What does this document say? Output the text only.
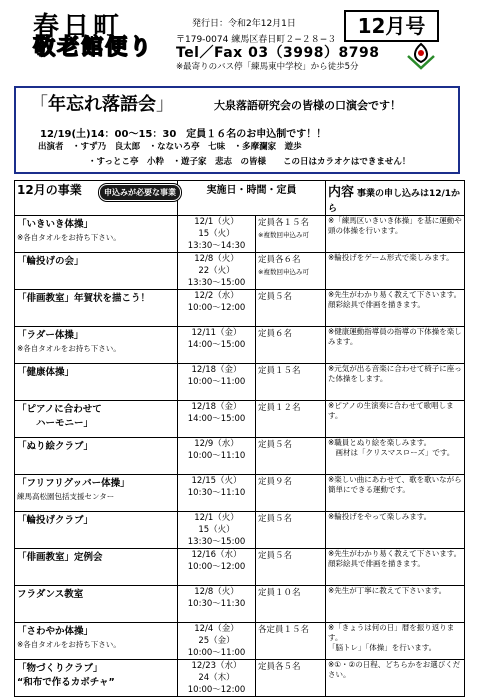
春日町
敬老館便り
発行日：令和2年12月1日
〒179-0074 練馬区春日町２−２８−３
Tel／Fax 03（3998）8798
※最寄りのバス停「練馬東中学校」から徒歩5分
12月号
「年忘れ落語会」	大泉落語研究会の皆様の口演会です！
12/19(土)14：00〜15：30　定員１６名のお申込制です！！
出演者　・すず乃　良太郎　・なないろ亭　七味　・多摩瀾家　遊歩
・すっとこ亭　小粋　・遊子家　悲志　の皆様　　この日はカラオケはできません！
12月の事業 申込みが必要な事業	実施日・時間・定員		内容 事業の申し込みは12/1から
「いきいき体操」
※各自タオルをお持ち下さい。	12/1（火）
15（火）
13:30〜14:30	定員各１５名
※複数回申込み可	※「練馬区いきいき体操」を基に運動や頭の体操を行います。
「輪投げの会」	12/8（火）
22（火）
13:30〜15:00	定員各６名
※複数回申込み可	※輪投げをゲーム形式で楽しみます。
「俳画教室」年賀状を描こう！	12/2（水）
10:00〜12:00	定員５名	※先生がわかり易く教えて下さいます。顔彩絵具で俳画を描きます。
「ラダー体操」
※各自タオルをお持ち下さい。	12/11（金）
14:00〜15:00	定員６名	※健康運動指導員の指導の下体操を楽しみます。
「健康体操」	12/18（金）
10:00〜11:00	定員１５名	※元気が出る音楽に合わせて椅子に座った体操をします。
「ピアノに合わせて
　　ハーモニー」	12/18（金）
14:00〜15:00	定員１２名	※ピアノの生演奏に合わせて歌唱します。
「ぬり絵クラブ」	12/9（水）
10:00〜11:10	定員５名	※職員とぬり絵を楽しみます。
　画材は「クリスマスローズ」です。
「フリフリグッパー体操」
練馬高松園包括支援センター	12/15（火）
10:30〜11:10	定員９名	※楽しい曲にあわせて、歌を歌いながら簡単にできる運動です。
「輪投げクラブ」	12/1（火）
15（火）
13:30〜15:00	定員５名	※輪投げをやって楽しみます。
「俳画教室」定例会	12/16（水）
10:00〜12:00	定員５名	※先生がわかり易く教えて下さいます。顔彩絵具で俳画を描きます。
フラダンス教室	12/8（火）
10:30〜11:30	定員１０名	※先生が丁寧に教えて下さいます。
「さわやか体操」
※各自タオルをお持ち下さい。	12/4（金）
25（金）
10:00〜11:00	各定員１５名	※「きょうは何の日」暦を振り返ります。
「脳トレ」「体操」を行います。
「物づくりクラブ」
“和布で作るカボチャ”	12/23（水）
24（木）
10:00〜12:00	定員各５名	※①・②の日程、どちらかをお選びください。
